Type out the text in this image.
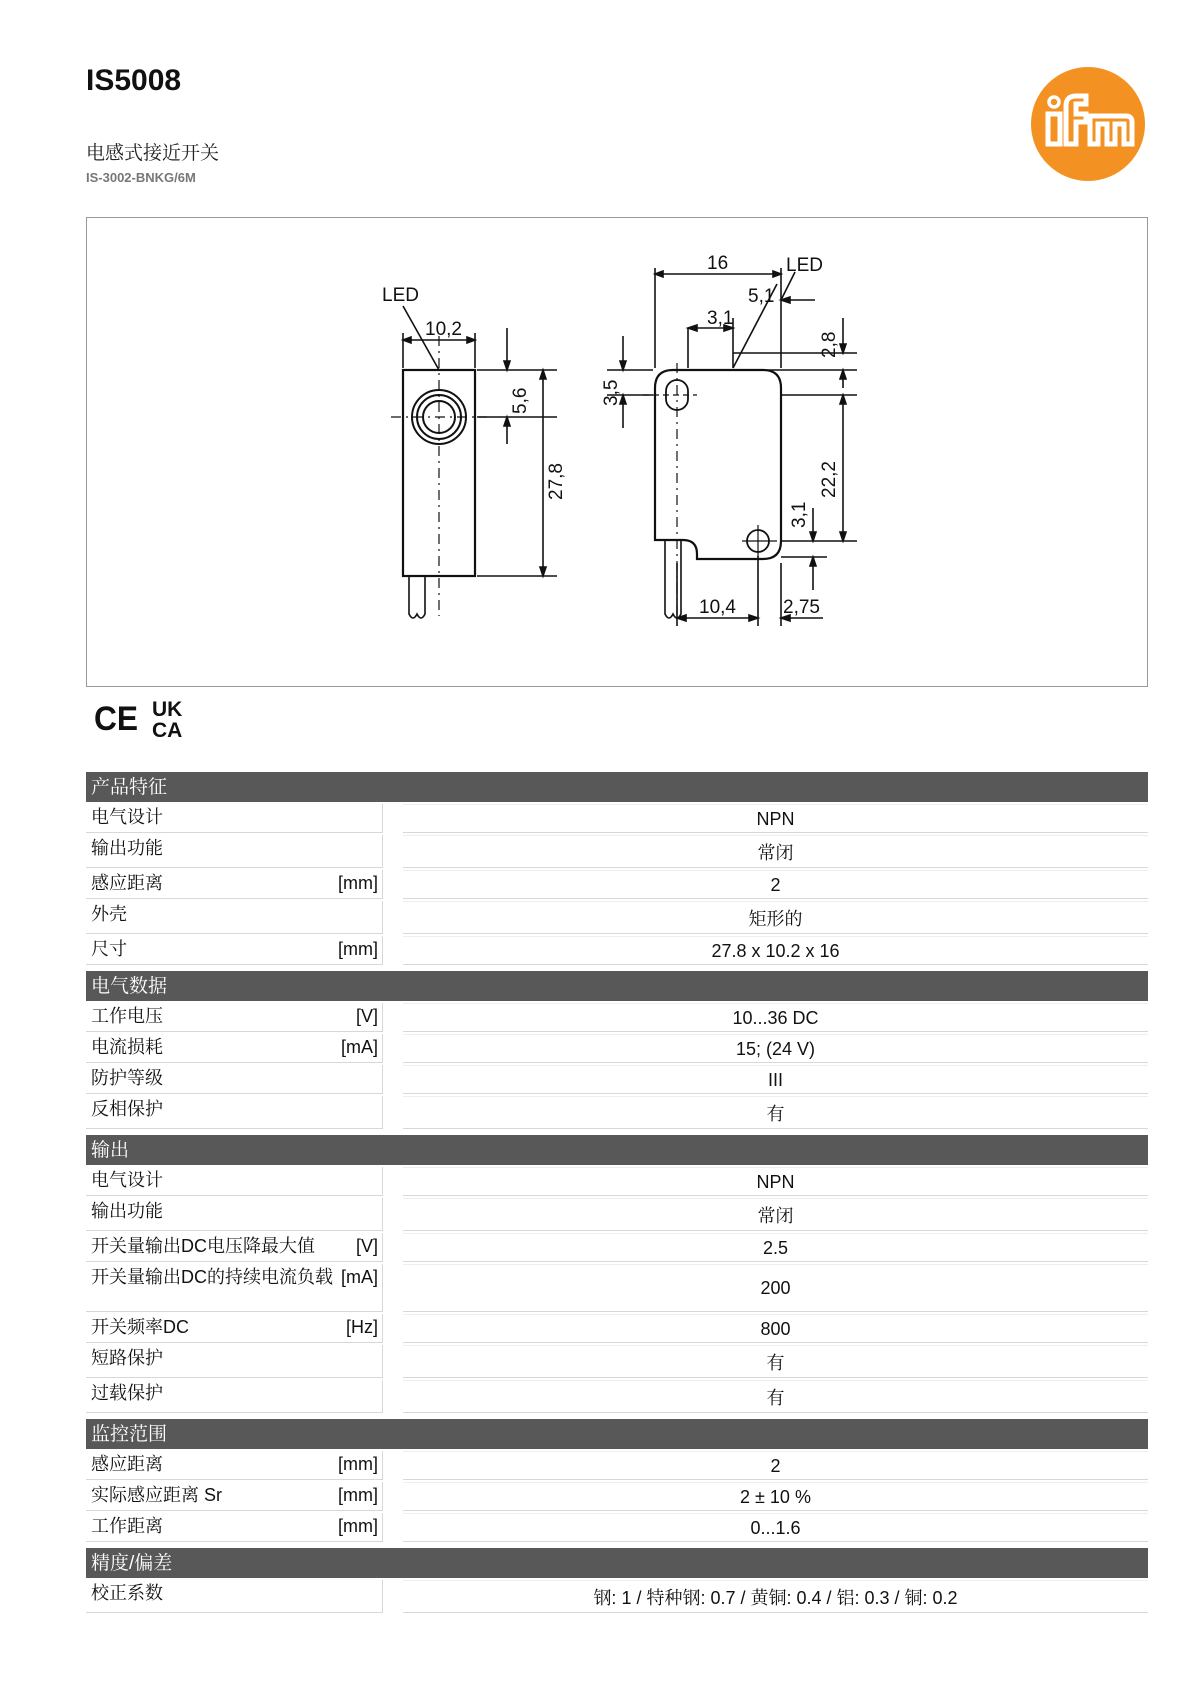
IS5008
电感式接近开关
IS-3002-BNKG/6M
LED
10,2
5,6
27,8
LED
16
5,1
3,1
2,8
3,5
22,2
3,1
10,4 2,75
CE UK
CA
产品特征
电气设计	NPN
输出功能	常闭
感应距离	[mm]	2
外壳	矩形的
尺寸	[mm]	27.8 x 10.2 x 16
电气数据
工作电压	[V]	10...36 DC
电流损耗	[mA]	15; (24 V)
防护等级	III
反相保护	有
输出
电气设计	NPN
输出功能	常闭
开关量输出DC电压降最大值	[V]	2.5
开关量输出DC的持续电流负载 [mA]
200
开关频率DC	[Hz]	800
短路保护	有
过载保护	有
监控范围
感应距离	[mm]	2
实际感应距离 Sr	[mm]	2 ± 10 %
工作距离	[mm]	0...1.6
精度/偏差
校正系数	钢: 1 / 特种钢: 0.7 / 黄铜: 0.4 / 铝: 0.3 / 铜: 0.2
